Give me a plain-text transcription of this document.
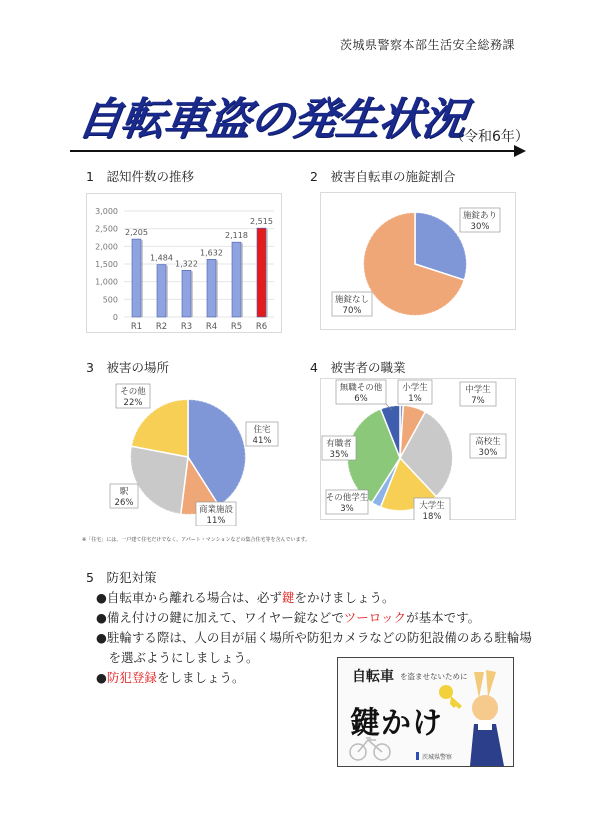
茨城県警察本部生活安全総務課
自転車盗の発生状況
（令和6年）
1　認知件数の推移	2　被害自転車の施錠割合
3　被害の場所	4　被害者の職業
0
500
1,000
1,500
2,000
2,500
3,000
2,205
R1
1,484
R2
1,322
R3
1,632
R4
2,118
R5
2,515
R6
施錠あり
30%
施錠なし
70%
住宅
41%
商業施設
11%
駅
26%
その他
22%
小学生
1%
中学生
7%
高校生
30%
大学生
18%
その他学生
3%
有職者
35%
無職その他
6%
※「住宅」には、一戸建て住宅だけでなく、アパート・マンションなどの集合住宅等を含んでいます。
5　防犯対策
●自転車から離れる場合は、必ず鍵をかけましょう。
●備え付けの鍵に加えて、ワイヤー錠などでツーロックが基本です。
●駐輪する際は、人の目が届く場所や防犯カメラなどの防犯設備のある駐輪場
　を選ぶようにしましょう。
●防犯登録をしましょう。	自転車 を盗ませないために
鍵かけ
茨城県警察
